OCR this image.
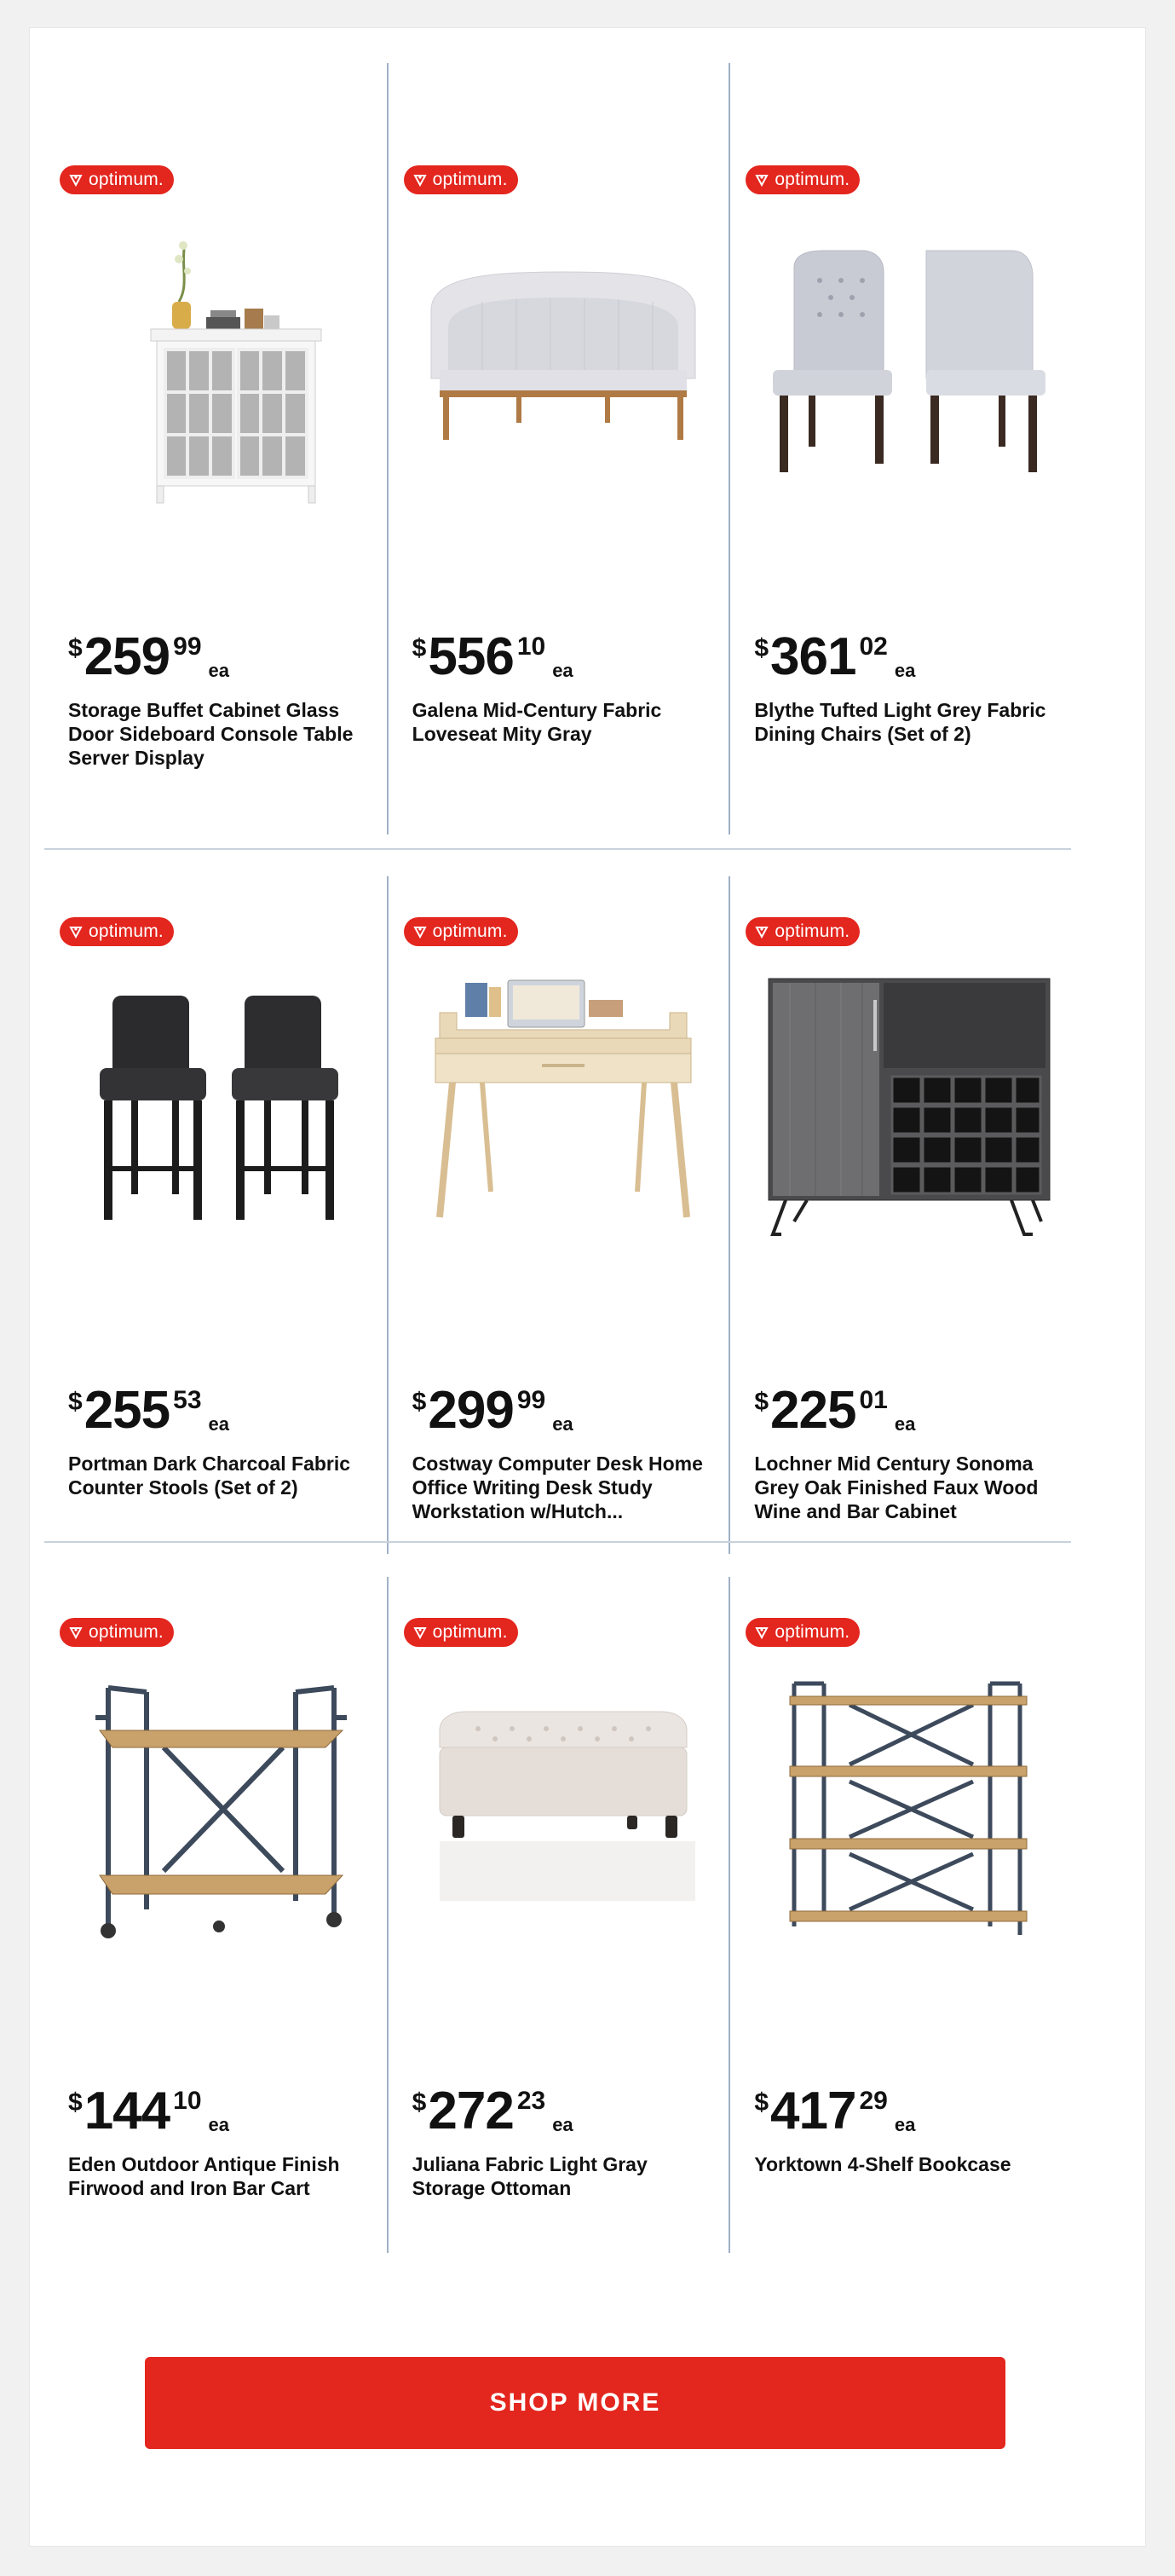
optimum.
$ 259 99
ea
Storage Buffet Cabinet Glass Door Sideboard Console Table Server Display
optimum.
$ 556 10
ea
Galena Mid-Century Fabric Loveseat Mity Gray
optimum.
$ 361 02
ea
Blythe Tufted Light Grey Fabric Dining Chairs (Set of 2)
optimum.
$ 255 53
ea
Portman Dark Charcoal Fabric Counter Stools (Set of 2)
optimum.
$ 299 99
ea
Costway Computer Desk Home Office Writing Desk Study Workstation w/Hutch...
optimum.
$ 225 01
ea
Lochner Mid Century Sonoma Grey Oak Finished Faux Wood Wine and Bar Cabinet
optimum.
$ 144 10
ea
Eden Outdoor Antique Finish Firwood and Iron Bar Cart
optimum.
$ 272 23
ea
Juliana Fabric Light Gray Storage Ottoman
optimum.
$ 417 29
ea
Yorktown 4-Shelf Bookcase
SHOP MORE
